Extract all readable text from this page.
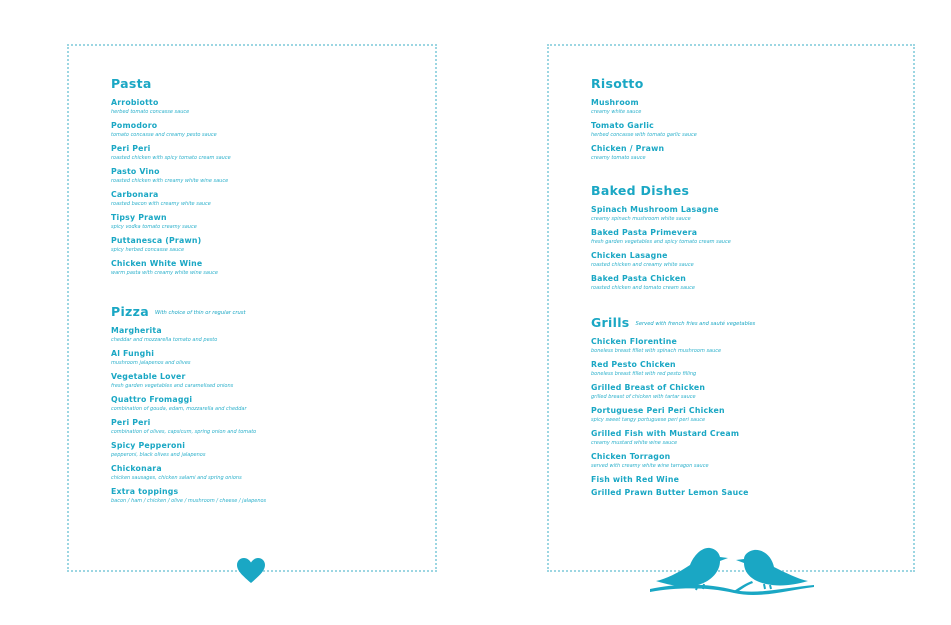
Pasta
Arrobiotto
herbed tomato concasse sauce
Pomodoro
tomato concasse and creamy pesto sauce
Peri Peri
roasted chicken with spicy tomato cream sauce
Pasto Vino
roasted chicken with creamy white wine sauce
Carbonara
roasted bacon with creamy white sauce
Tipsy Prawn
spicy vodka tomato creamy sauce
Puttanesca (Prawn)
spicy herbed concasse sauce
Chicken White Wine
warm pasta with creamy white wine sauce
Pizza With choice of thin or regular crust
Margherita
cheddar and mozzarella tomato and pesto
Al Funghi
mushroom jalapenos and olives
Vegetable Lover
fresh garden vegetables and caramelised onions
Quattro Fromaggi
combination of gouda, edam, mozzarella and cheddar
Peri Peri
combination of olives, capsicum, spring onion and tomato
Spicy Pepperoni
pepperoni, black olives and jalapenos
Chickonara
chicken sausages, chicken salami and spring onions
Extra toppings
bacon / ham / chicken / olive / mushroom / cheese / jalapenos
Risotto
Mushroom
creamy white sauce
Tomato Garlic
herbed concasse with tomato garlic sauce
Chicken / Prawn
creamy tomato sauce
Baked Dishes
Spinach Mushroom Lasagne
creamy spinach mushroom white sauce
Baked Pasta Primevera
fresh garden vegetables and spicy tomato cream sauce
Chicken Lasagne
roasted chicken and creamy white sauce
Baked Pasta Chicken
roasted chicken and tomato cream sauce
Grills Served with french fries and sauté vegetables
Chicken Florentine
boneless breast fillet with spinach mushroom sauce
Red Pesto Chicken
boneless breast fillet with red pesto filling
Grilled Breast of Chicken
grilled breast of chicken with tartar sauce
Portuguese Peri Peri Chicken
spicy sweet tangy portuguese peri peri sauce
Grilled Fish with Mustard Cream
creamy mustard white wine sauce
Chicken Torragon
served with creamy white wine tarragon sauce
Fish with Red Wine
Grilled Prawn Butter Lemon Sauce
